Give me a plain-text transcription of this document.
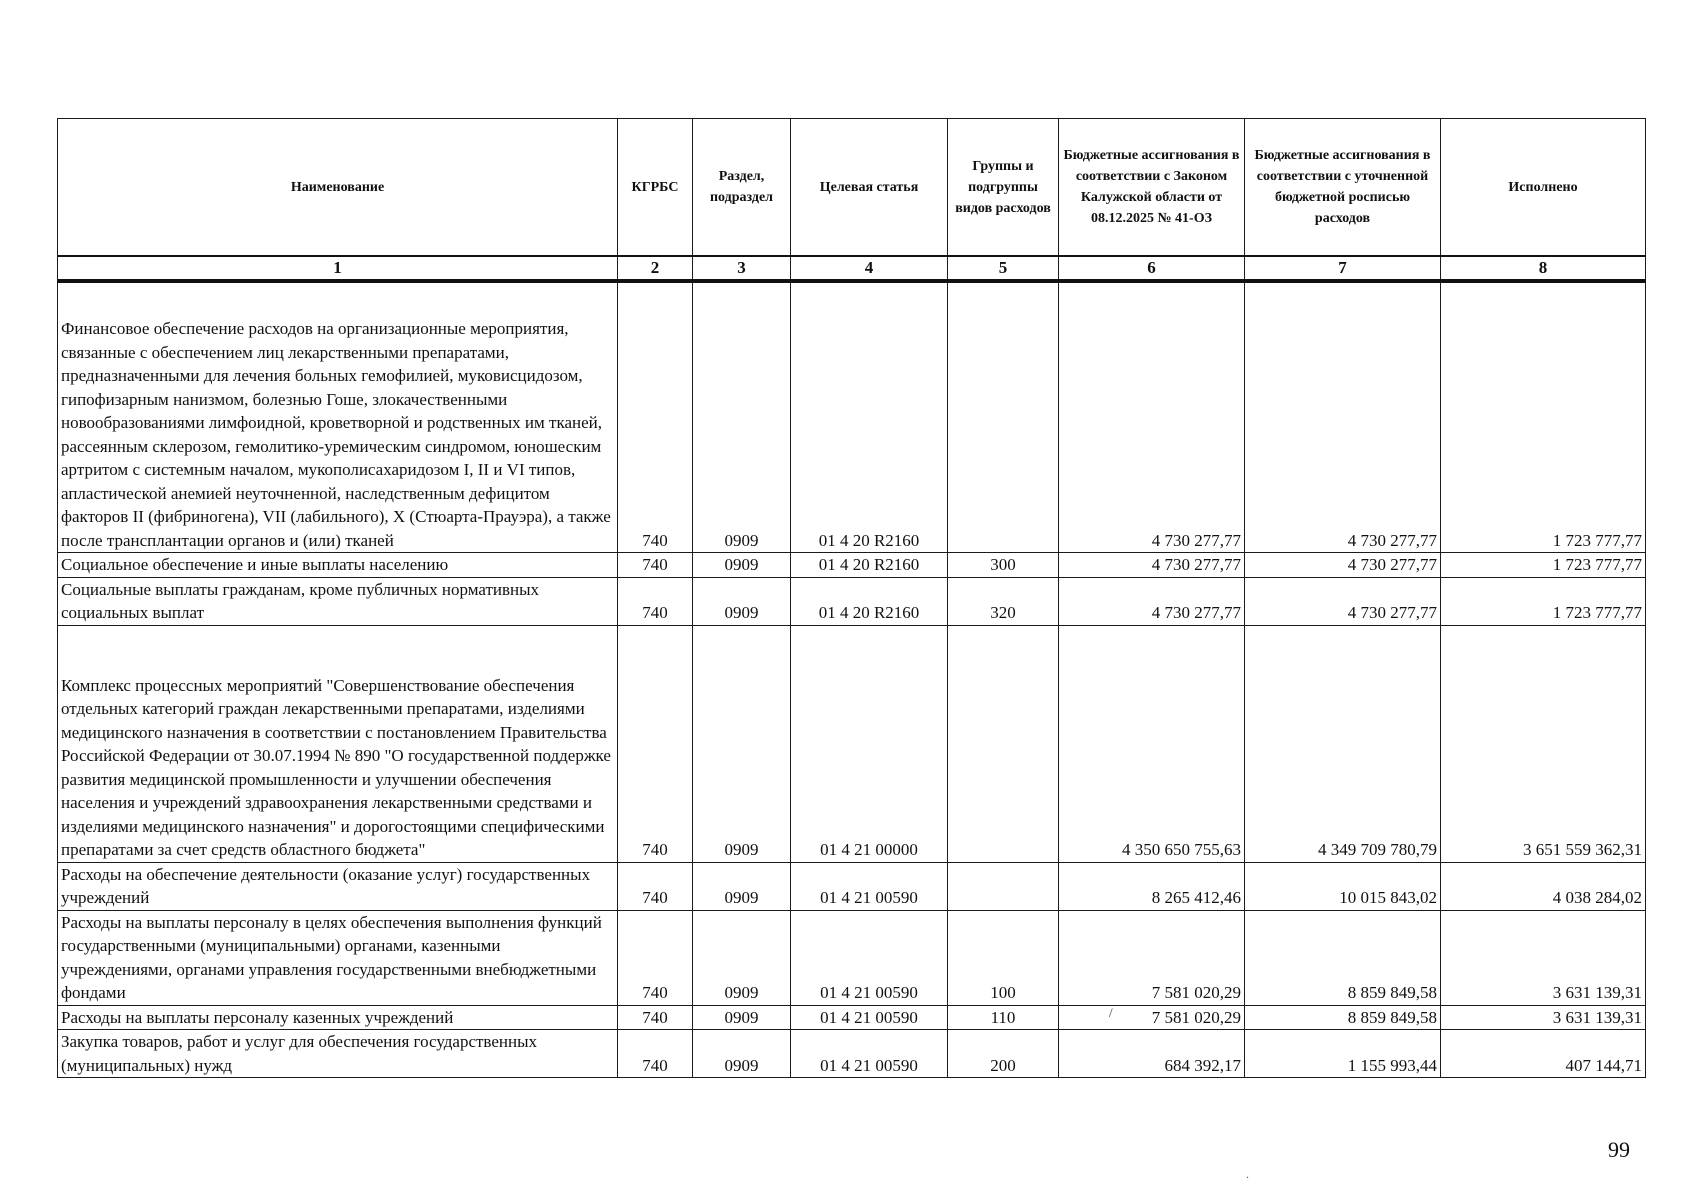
Наименование	КГРБС	Раздел, подраздел	Целевая статья	Группы и подгруппы видов расходов	Бюджетные ассигнования в соответствии с Законом Калужской области от 08.12.2025 № 41-ОЗ	Бюджетные ассигнования в соответствии с уточненной бюджетной росписью расходов	Исполнено
1	2	3	4	5	6	7	8
Финансовое обеспечение расходов на организационные мероприятия, связанные с обеспечением лиц лекарственными препаратами, предназначенными для лечения больных гемофилией, муковисцидозом, гипофизарным нанизмом, болезнью Гоше, злокачественными новообразованиями лимфоидной, кроветворной и родственных им тканей, рассеянным склерозом, гемолитико-уремическим синдромом, юношеским артритом с системным началом, мукополисахаридозом I, II и VI типов, апластической анемией неуточненной, наследственным дефицитом факторов II (фибриногена), VII (лабильного), X (Стюарта-Прауэра), а также после трансплантации органов и (или) тканей	740	0909	01 4 20 R2160		4 730 277,77	4 730 277,77	1 723 777,77
Социальное обеспечение и иные выплаты населению	740	0909	01 4 20 R2160	300	4 730 277,77	4 730 277,77	1 723 777,77
Социальные выплаты гражданам, кроме публичных нормативных социальных выплат	740	0909	01 4 20 R2160	320	4 730 277,77	4 730 277,77	1 723 777,77
Комплекс процессных мероприятий "Совершенствование обеспечения отдельных категорий граждан лекарственными препаратами, изделиями медицинского назначения в соответствии с постановлением Правительства Российской Федерации от 30.07.1994 № 890 "О государственной поддержке развития медицинской промышленности и улучшении обеспечения населения и учреждений здравоохранения лекарственными средствами и изделиями медицинского назначения" и дорогостоящими специфическими препаратами за счет средств областного бюджета"	740	0909	01 4 21 00000		4 350 650 755,63	4 349 709 780,79	3 651 559 362,31
Расходы на обеспечение деятельности (оказание услуг) государственных учреждений	740	0909	01 4 21 00590		8 265 412,46	10 015 843,02	4 038 284,02
Расходы на выплаты персоналу в целях обеспечения выполнения функций государственными (муниципальными) органами, казенными учреждениями, органами управления государственными внебюджетными фондами	740	0909	01 4 21 00590	100	7 581 020,29	8 859 849,58	3 631 139,31
Расходы на выплаты персоналу казенных учреждений	740	0909	01 4 21 00590	110	7 581 020,29	8 859 849,58	3 631 139,31
Закупка товаров, работ и услуг для обеспечения государственных (муниципальных) нужд	740	0909	01 4 21 00590	200	684 392,17	1 155 993,44	407 144,71
/
99
.
